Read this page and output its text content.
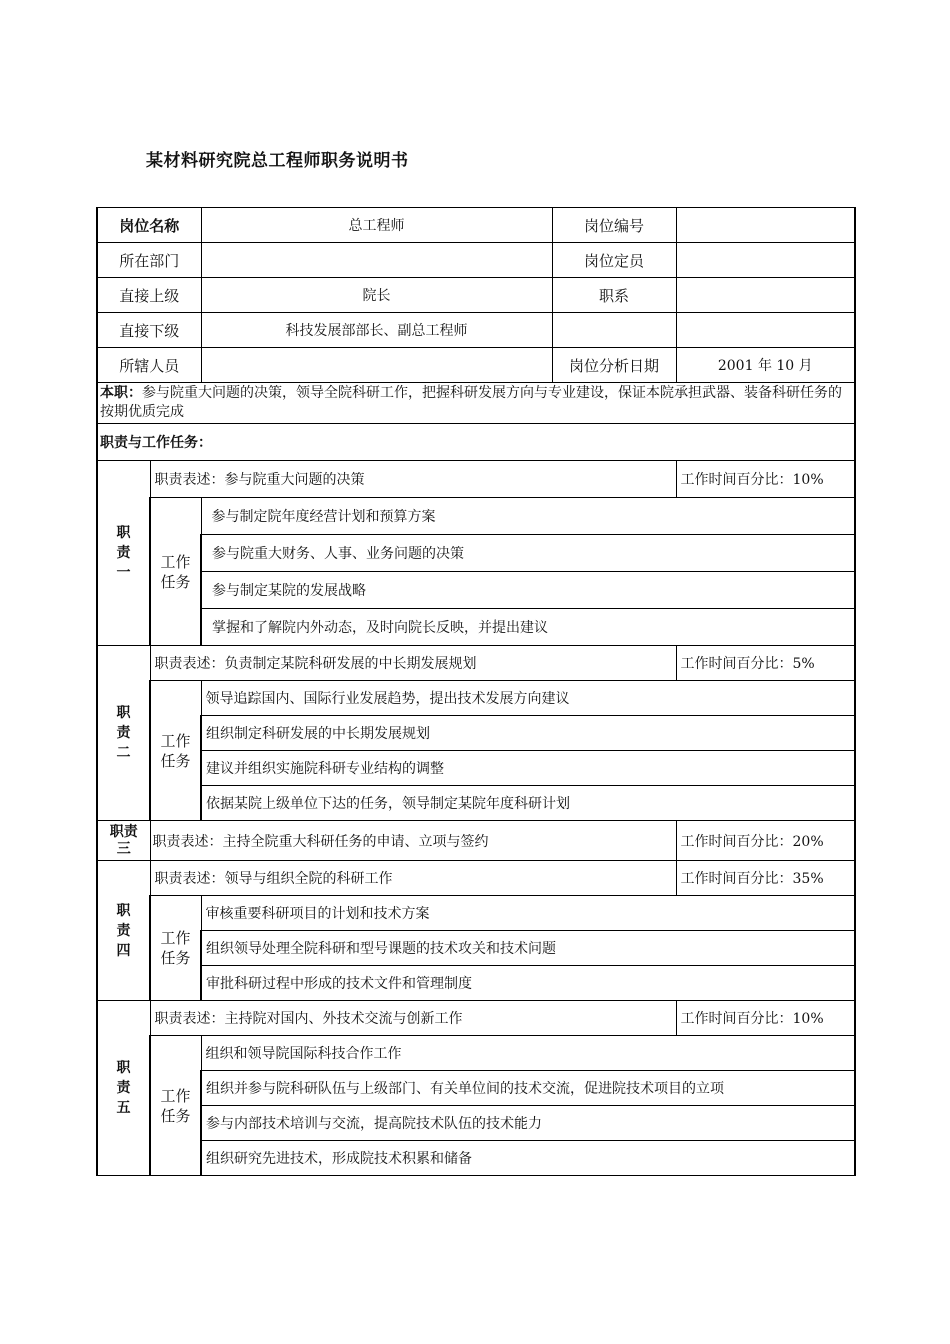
某材料研究院总工程师职务说明书
岗位名称		总工程师	岗位编号	
所在部门			岗位定员	
直接上级		院长	职系	
直接下级		科技发展部部长、副总工程师		
所辖人员			岗位分析日期	2001 年 10 月
本职：参与院重大问题的决策，领导全院科研工作，把握科研发展方向与专业建设，保证本院承担武器、装备科研任务的按期优质完成				
职责与工作任务：				
职责一	职责表述：参与院重大问题的决策			工作时间百分比：10%
	工作任务	参与制定院年度经营计划和预算方案		
		参与院重大财务、人事、业务问题的决策		
		参与制定某院的发展战略		
		掌握和了解院内外动态，及时向院长反映，并提出建议		
职责二	职责表述：负责制定某院科研发展的中长期发展规划			工作时间百分比：5%
	工作任务	领导追踪国内、国际行业发展趋势，提出技术发展方向建议		
		组织制定科研发展的中长期发展规划		
		建议并组织实施院科研专业结构的调整		
		依据某院上级单位下达的任务，领导制定某院年度科研计划		
职责三	职责表述：主持全院重大科研任务的申请、立项与签约			工作时间百分比：20%
职责四	职责表述：领导与组织全院的科研工作			工作时间百分比：35%
	工作任务	审核重要科研项目的计划和技术方案		
		组织领导处理全院科研和型号课题的技术攻关和技术问题		
		审批科研过程中形成的技术文件和管理制度		
职责五	职责表述：主持院对国内、外技术交流与创新工作			工作时间百分比：10%
	工作任务	组织和领导院国际科技合作工作		
		组织并参与院科研队伍与上级部门、有关单位间的技术交流，促进院技术项目的立项		
		参与内部技术培训与交流，提高院技术队伍的技术能力		
		组织研究先进技术，形成院技术积累和储备		
